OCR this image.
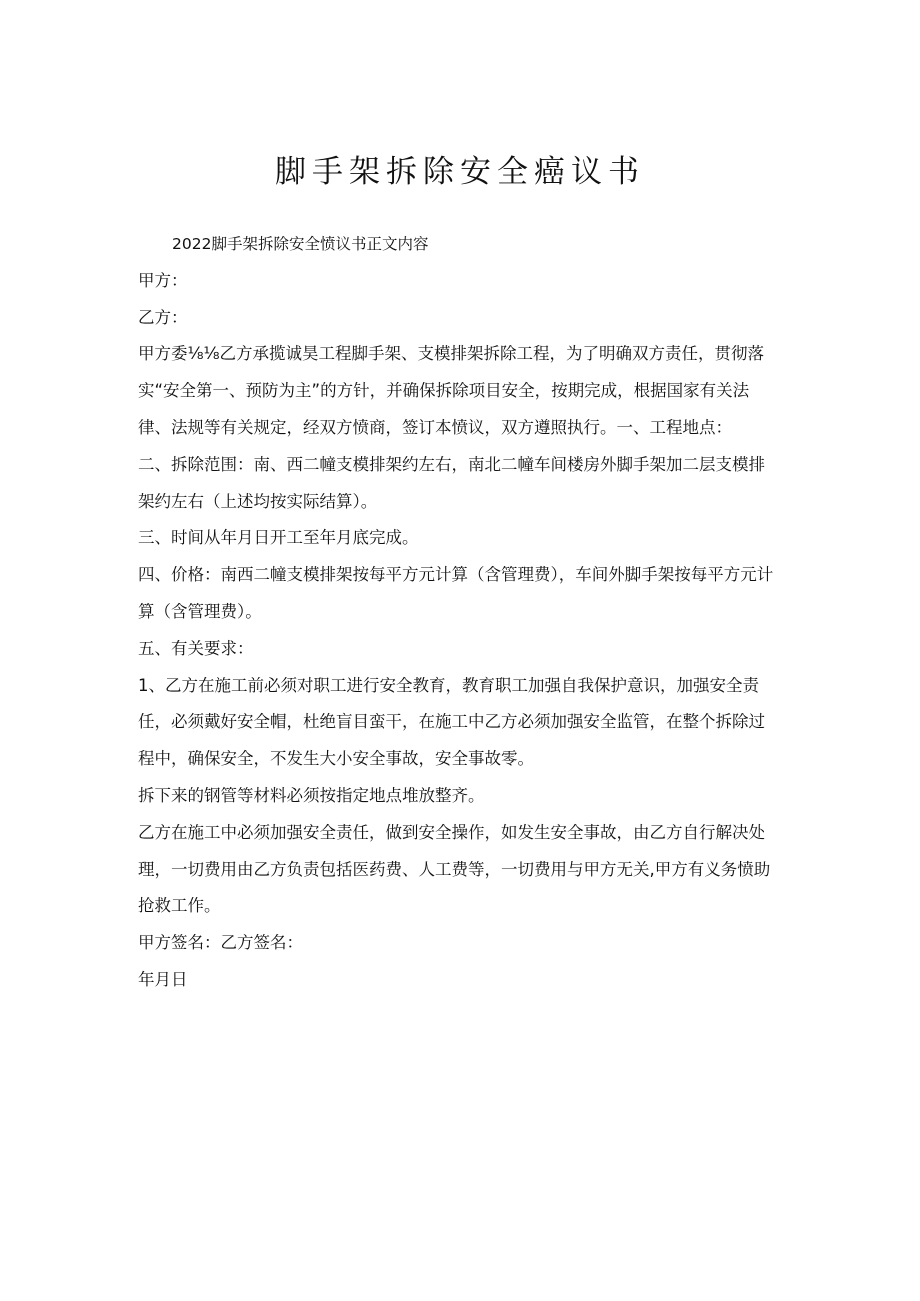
脚手架拆除安全癌议书

2022脚手架拆除安全愤议书正文内容

甲方：

乙方：

甲方委⅛⅛乙方承揽诚昊工程脚手架、支模排架拆除工程，为了明确双方责任，贯彻落实“安全第一、预防为主”的方针，并确保拆除项目安全，按期完成，根据国家有关法律、法规等有关规定，经双方愤商，签订本愤议，双方遵照执行。一、工程地点：

二、拆除范围：南、西二幢支模排架约左右，南北二幢车间楼房外脚手架加二层支模排架约左右（上述均按实际结算）。

三、时间从年月日开工至年月底完成。

四、价格：南西二幢支模排架按每平方元计算（含管理费），车间外脚手架按每平方元计算（含管理费）。

五、有关要求：

1、乙方在施工前必须对职工进行安全教育，教育职工加强自我保护意识，加强安全责任，必须戴好安全帽，杜绝盲目蛮干，在施工中乙方必须加强安全监管，在整个拆除过程中，确保安全，不发生大小安全事故，安全事故零。

拆下来的钢管等材料必须按指定地点堆放整齐。

乙方在施工中必须加强安全责任，做到安全操作，如发生安全事故，由乙方自行解决处理，一切费用由乙方负责包括医药费、人工费等，一切费用与甲方无关,甲方有义务愤助抢救工作。

甲方签名：乙方签名：

年月日
